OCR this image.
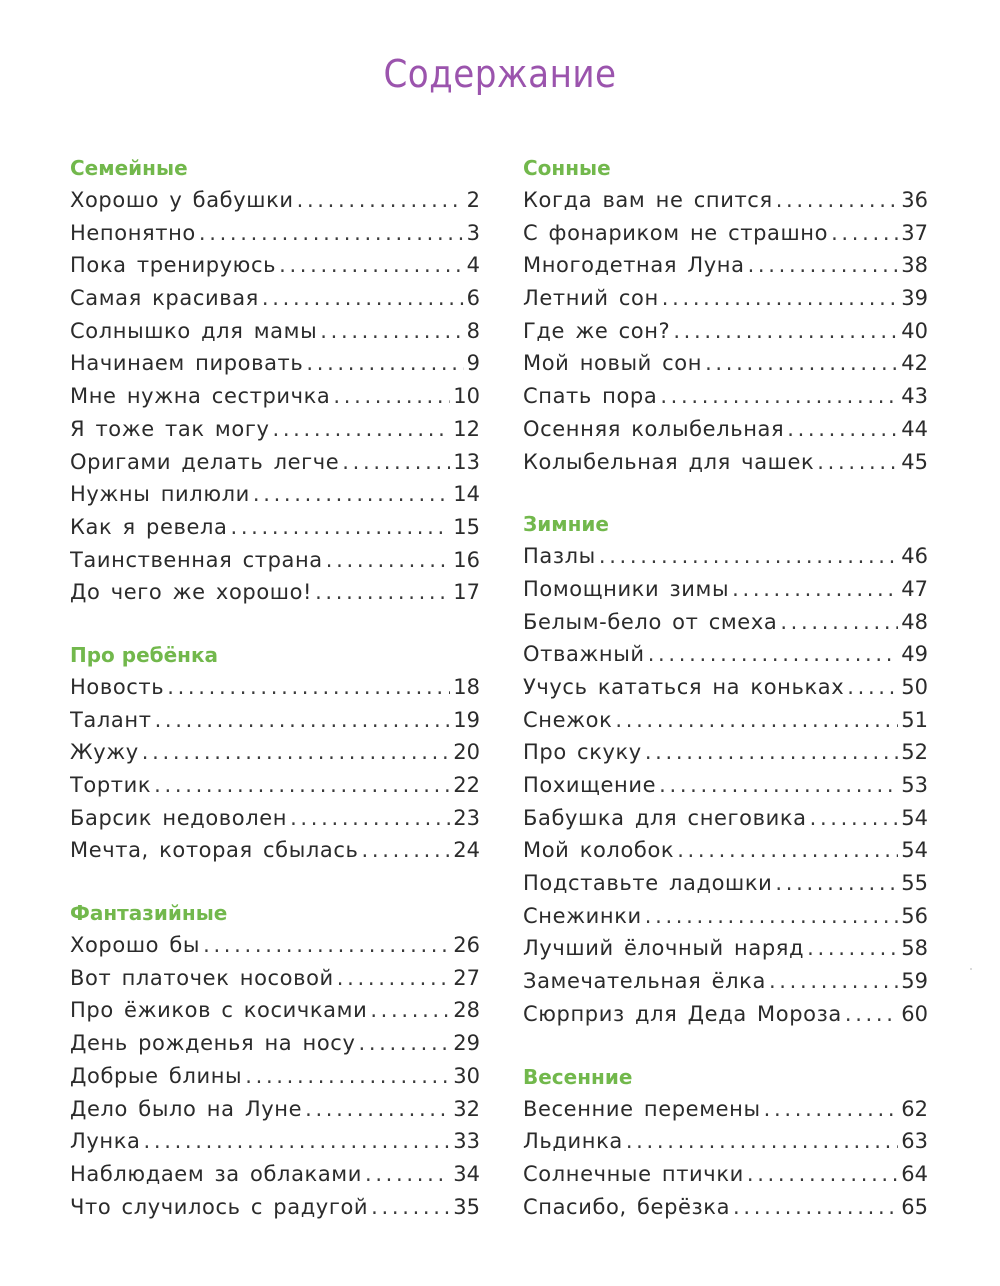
Содержание
Семейные
Хорошо у бабушки . . .	2
Непонятно . . .	3
Пока тренируюсь . . .	4
Самая красивая . . .	6
Солнышко для мамы . . .	8
Начинаем пировать . . .	9
Мне нужна сестричка . . .	10
Я тоже так могу . . .	12
Оригами делать легче . . .	13
Нужны пилюли . . .	14
Как я ревела . . .	15
Таинственная страна . . .	16
До чего же хорошо! . . .	17
Про ребёнка
Новость . . .	18
Талант . . .	19
Жужу . . .	20
Тортик . . .	22
Барсик недоволен . . .	23
Мечта, которая сбылась . . .	24
Фантазийные
Хорошо бы . . .	26
Вот платочек носовой . . .	27
Про ёжиков с косичками . . .	28
День рожденья на носу . . .	29
Добрые блины . . .	30
Дело было на Луне . . .	32
Лунка . . .	33
Наблюдаем за облаками . . .	34
Что случилось с радугой . . .	35
Сонные
Когда вам не спится . . .	36
С фонариком не страшно . . .	37
Многодетная Луна . . .	38
Летний сон . . .	39
Где же сон? . . .	40
Мой новый сон . . .	42
Спать пора . . .	43
Осенняя колыбельная . . .	44
Колыбельная для чашек . . .	45
Зимние
Пазлы . . .	46
Помощники зимы . . .	47
Белым-бело от смеха . . .	48
Отважный . . .	49
Учусь кататься на коньках . . .	50
Снежок . . .	51
Про скуку . . .	52
Похищение . . .	53
Бабушка для снеговика . . .	54
Мой колобок . . .	54
Подставьте ладошки . . .	55
Снежинки . . .	56
Лучший ёлочный наряд . . .	58
Замечательная ёлка . . .	59
Сюрприз для Деда Мороза . . .	60
Весенние
Весенние перемены . . .	62
Льдинка . . .	63
Солнечные птички . . .	64
Спасибо, берёзка . . .	65
